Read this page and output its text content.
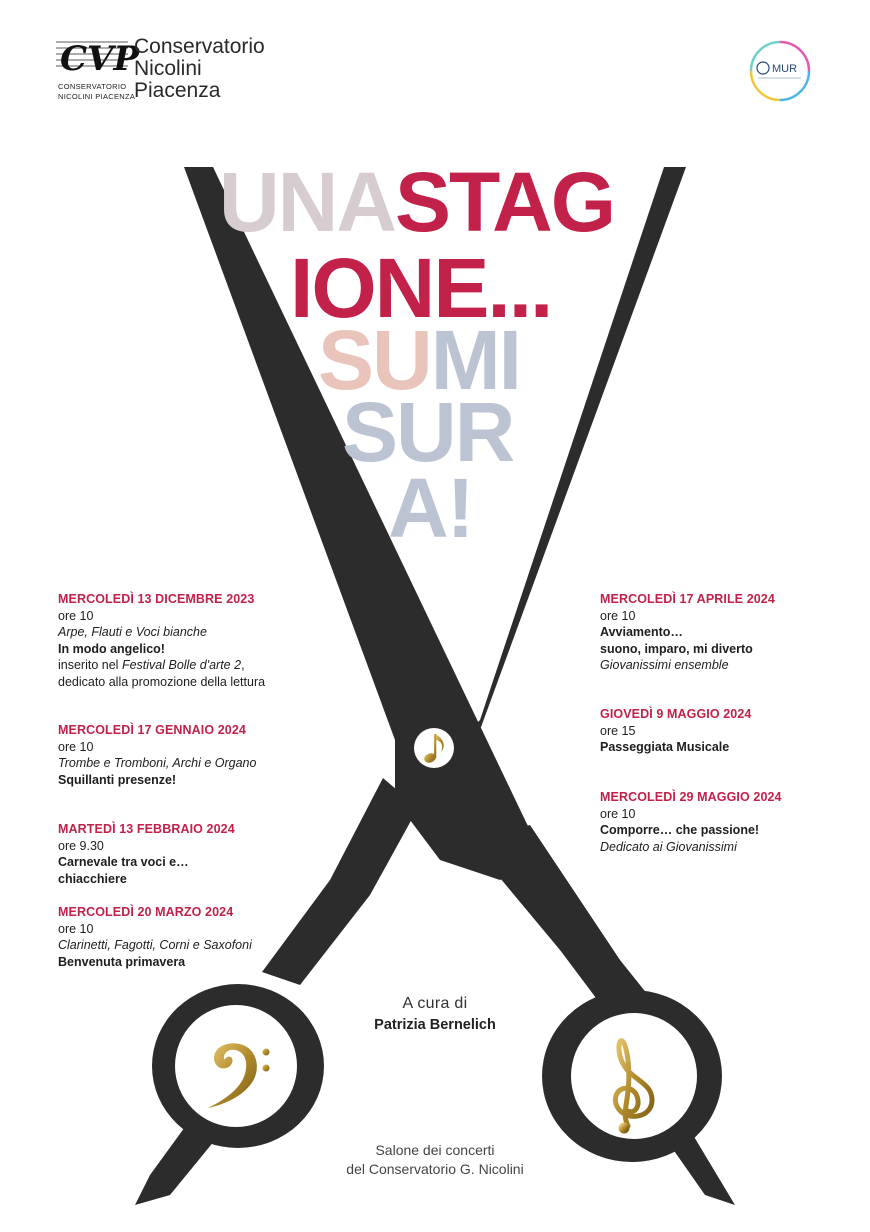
CVP
CONSERVATORIO
NICOLINI PIACENZA
Conservatorio
Nicolini
Piacenza
MUR
UNASTAG
IONE...
SUMI
SUR
A!
MERCOLEDÌ 13 DICEMBRE 2023
ore 10
Arpe, Flauti e Voci bianche
In modo angelico!
inserito nel Festival Bolle d'arte 2,
dedicato alla promozione della lettura
MERCOLEDÌ 17 GENNAIO 2024
ore 10
Trombe e Tromboni, Archi e Organo
Squillanti presenze!
MARTEDÌ 13 FEBBRAIO 2024
ore 9.30
Carnevale tra voci e…
chiacchiere
MERCOLEDÌ 20 MARZO 2024
ore 10
Clarinetti, Fagotti, Corni e Saxofoni
Benvenuta primavera
MERCOLEDÌ 17 APRILE 2024
ore 10
Avviamento…
suono, imparo, mi diverto
Giovanissimi ensemble
GIOVEDÌ 9 MAGGIO 2024
ore 15
Passeggiata Musicale
MERCOLEDÌ 29 MAGGIO 2024
ore 10
Comporre… che passione!
Dedicato ai Giovanissimi
A cura di
Patrizia Bernelich
Salone dei concerti
del Conservatorio G. Nicolini
